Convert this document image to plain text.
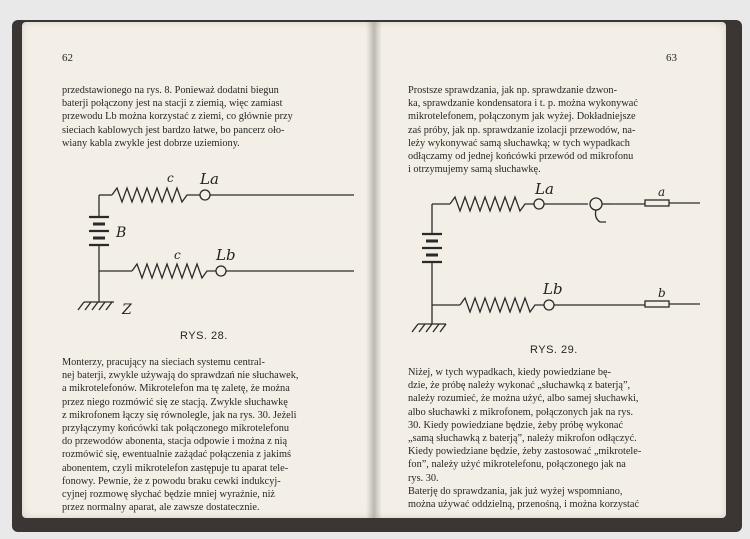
62
przedstawionego na rys. 8. Ponieważ dodatni biegun
baterji połączony jest na stacji z ziemią, więc zamiast
przewodu Lb można korzystać z ziemi, co głównie przy
sieciach kablowych jest bardzo łatwe, bo pancerz oło-
wiany kabla zwykle jest dobrze uziemiony.
c La
B
c Lb
Z
RYS. 28.
Monterzy, pracujący na sieciach systemu central-
nej baterji, zwykle używają do sprawdzań nie słuchawek,
a mikrotelefonów. Mikrotelefon ma tę zaletę, że można
przez niego rozmówić się ze stacją. Zwykle słuchawkę
z mikrofonem łączy się równolegle, jak na rys. 30. Jeżeli
przyłączymy końcówki tak połączonego mikrotelefonu
do przewodów abonenta, stacja odpowie i można z nią
rozmówić się, ewentualnie zażądać połączenia z jakimś
abonentem, czyli mikrotelefon zastępuje tu aparat tele-
fonowy. Pewnie, że z powodu braku cewki indukcyj-
cyjnej rozmowę słychać będzie mniej wyraźnie, niż
przez normalny aparat, ale zawsze dostatecznie.
63
Prostsze sprawdzania, jak np. sprawdzanie dzwon-
ka, sprawdzanie kondensatora i t. p. można wykonywać
mikrotelefonem, połączonym jak wyżej. Dokładniejsze
zaś próby, jak np. sprawdzanie izolacji przewodów, na-
leży wykonywać samą słuchawką; w tych wypadkach
odłączamy od jednej końcówki przewód od mikrofonu
i otrzymujemy samą słuchawkę.
La	a
Lb	b
RYS. 29.
Niżej, w tych wypadkach, kiedy powiedziane bę-
dzie, że próbę należy wykonać „słuchawką z baterją”,
należy rozumieć, że można użyć, albo samej słuchawki,
albo słuchawki z mikrofonem, połączonych jak na rys.
30. Kiedy powiedziane będzie, żeby próbę wykonać
„samą słuchawką z baterją”, należy mikrofon odłączyć.
Kiedy powiedziane będzie, żeby zastosować „mikrotele-
fon”, należy użyć mikrotelefonu, połączonego jak na
rys. 30.
Baterję do sprawdzania, jak już wyżej wspomniano,
można używać oddzielną, przenośną, i można korzystać
